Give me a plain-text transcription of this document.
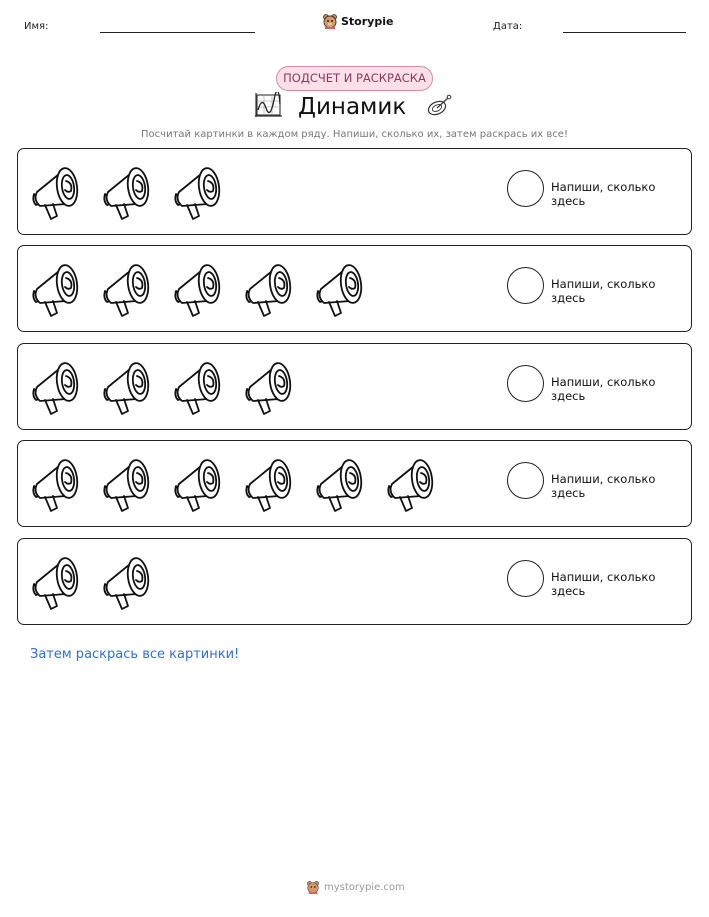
Имя:	Storypie	Дата:
ПОДСЧЕТ И РАСКРАСКА
Динамик
Посчитай картинки в каждом ряду. Напиши, сколько их, затем раскрась их все!
Напиши, сколько здесь
Напиши, сколько здесь
Напиши, сколько здесь
Напиши, сколько здесь
Напиши, сколько здесь
Затем раскрась все картинки!
mystorypie.com
